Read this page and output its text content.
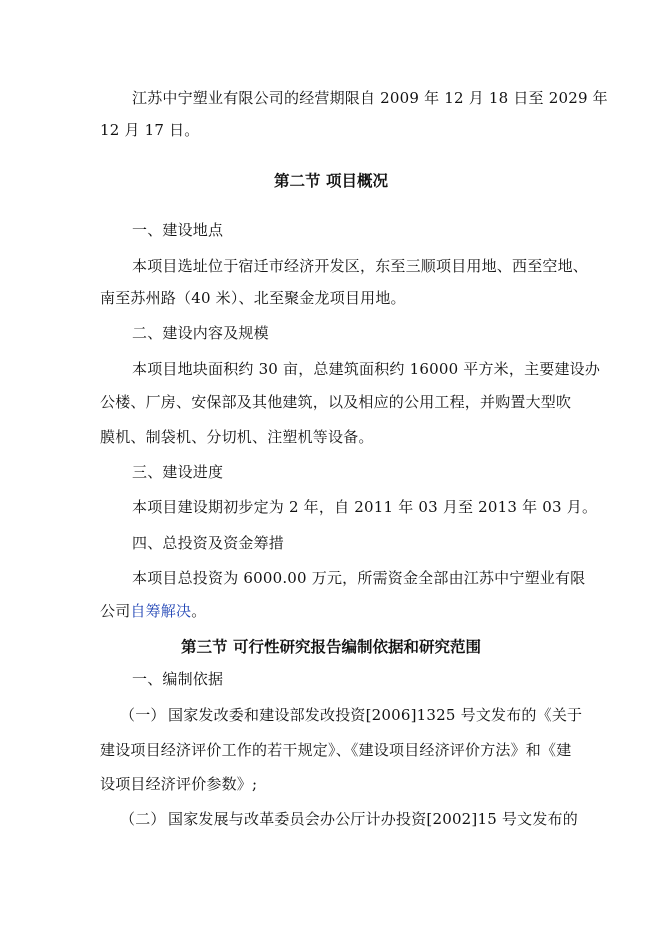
江苏中宁塑业有限公司的经营期限自 2009 年 12 月 18 日至 2029 年
12 月 17 日。
第二节 项目概况
一、建设地点
本项目选址位于宿迁市经济开发区，东至三顺项目用地、西至空地、
南至苏州路（40 米）、北至聚金龙项目用地。
二、建设内容及规模
本项目地块面积约 30 亩，总建筑面积约 16000 平方米，主要建设办
公楼、厂房、安保部及其他建筑，以及相应的公用工程，并购置大型吹
膜机、制袋机、分切机、注塑机等设备。
三、建设进度
本项目建设期初步定为 2 年，自 2011 年 03 月至 2013 年 03 月。
四、总投资及资金筹措
本项目总投资为 6000.00 万元，所需资金全部由江苏中宁塑业有限
公司自筹解决。
第三节 可行性研究报告编制依据和研究范围
一、编制依据
（一） 国家发改委和建设部发改投资[2006]1325 号文发布的《关于
建设项目经济评价工作的若干规定》、《建设项目经济评价方法》和《建
设项目经济评价参数》;
（二） 国家发展与改革委员会办公厅计办投资[2002]15 号文发布的
